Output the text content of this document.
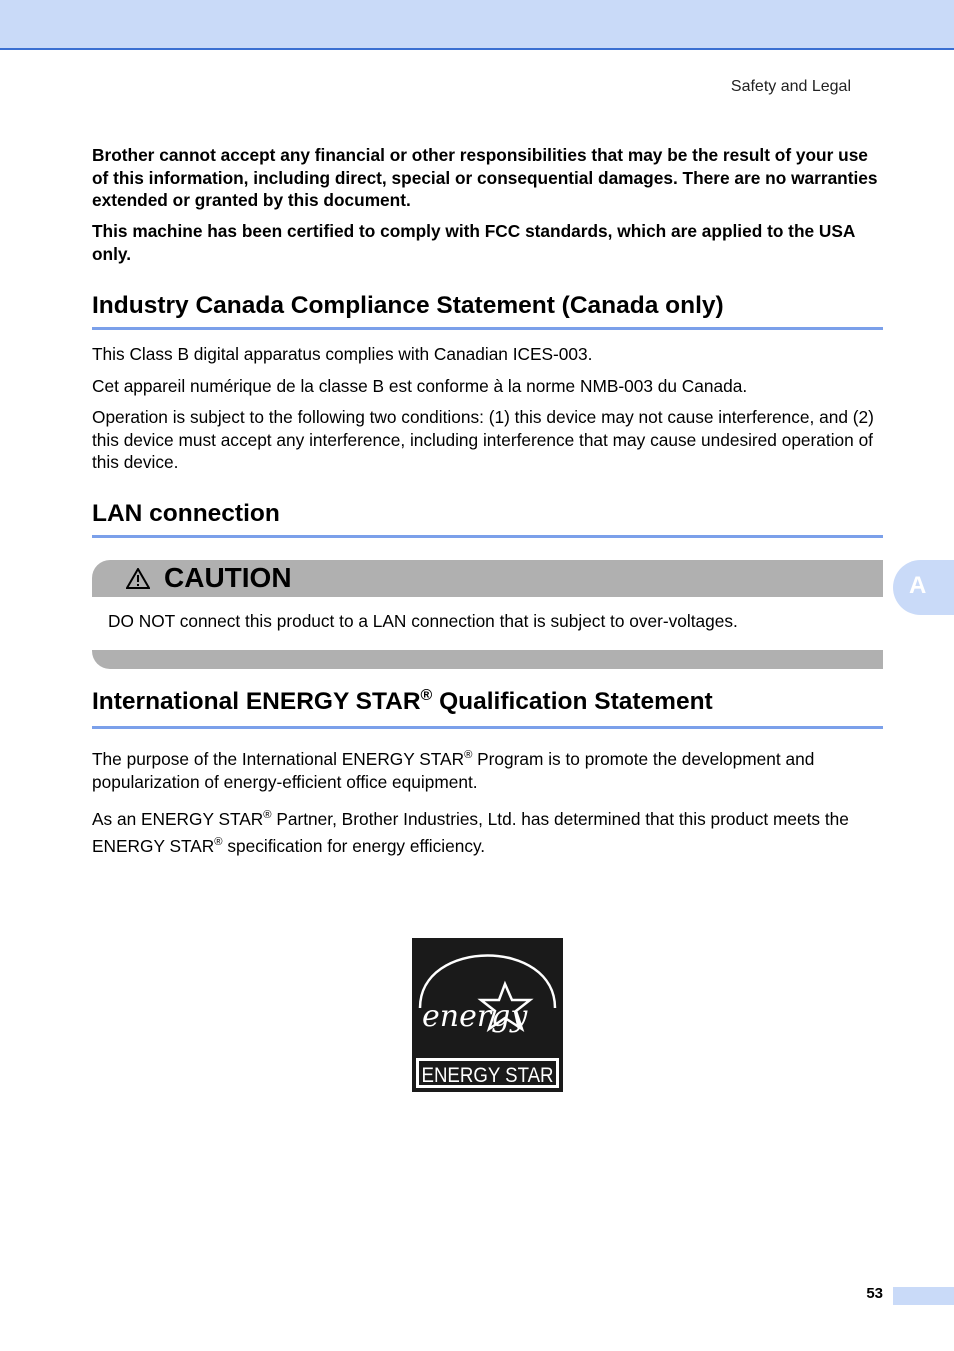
Safety and Legal

Brother cannot accept any financial or other responsibilities that may be the result of your use of this information, including direct, special or consequential damages. There are no warranties extended or granted by this document.

This machine has been certified to comply with FCC standards, which are applied to the USA only.

Industry Canada Compliance Statement (Canada only)

This Class B digital apparatus complies with Canadian ICES-003.

Cet appareil numérique de la classe B est conforme à la norme NMB-003 du Canada.

Operation is subject to the following two conditions: (1) this device may not cause interference, and (2) this device must accept any interference, including interference that may cause undesired operation of this device.

LAN connection
International ENERGY STAR® Qualification Statement

The purpose of the International ENERGY STAR® Program is to promote the development and popularization of energy-efficient office equipment.

As an ENERGY STAR® Partner, Brother Industries, Ltd. has determined that this product meets the ENERGY STAR® specification for energy efficiency.

CAUTION
DO NOT connect this product to a LAN connection that is subject to over-voltages.
A
energy
ENERGY STAR
53
